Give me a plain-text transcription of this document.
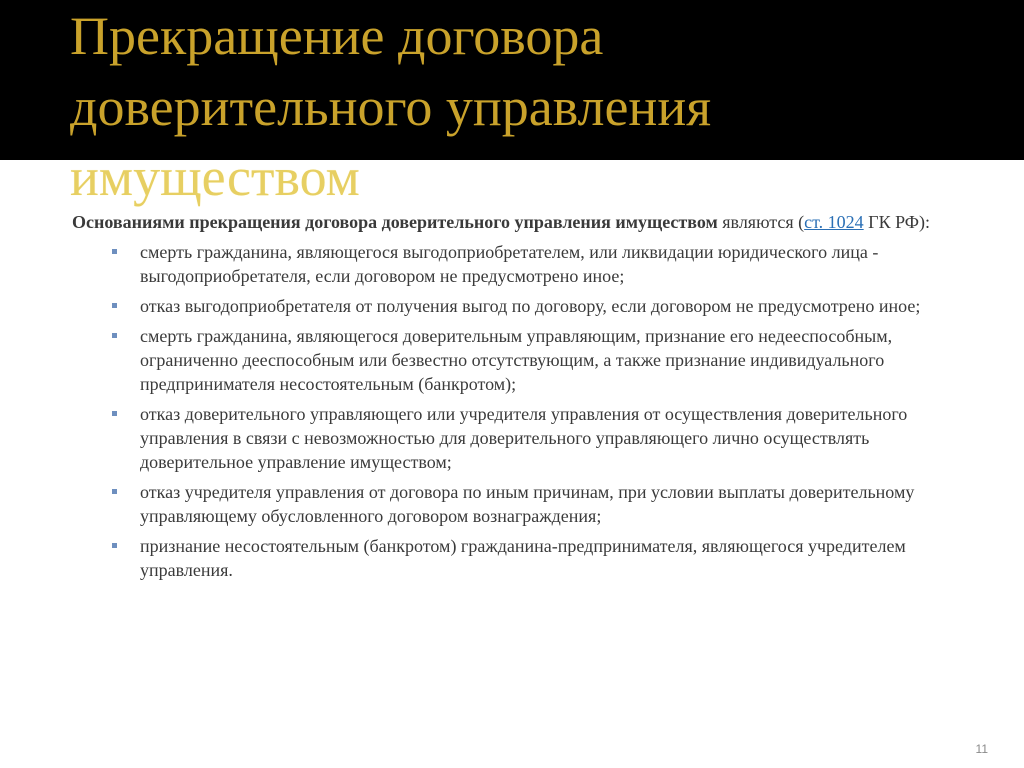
Прекращение договора
доверительного управления
имуществом

Основаниями прекращения договора доверительного управления имуществом являются (ст. 1024 ГК РФ):

смерть гражданина, являющегося выгодоприобретателем, или ликвидации юридического лица - выгодоприобретателя, если договором не предусмотрено иное;
отказ выгодоприобретателя от получения выгод по договору, если договором не предусмотрено иное;
смерть гражданина, являющегося доверительным управляющим, признание его недееспособным, ограниченно дееспособным или безвестно отсутствующим, а также признание индивидуального предпринимателя несостоятельным (банкротом);
отказ доверительного управляющего или учредителя управления от осуществления доверительного управления в связи с невозможностью для доверительного управляющего лично осуществлять доверительное управление имуществом;
отказ учредителя управления от договора по иным причинам, при условии выплаты доверительному управляющему обусловленного договором вознаграждения;
признание несостоятельным (банкротом) гражданина-предпринимателя, являющегося учредителем управления.
11
